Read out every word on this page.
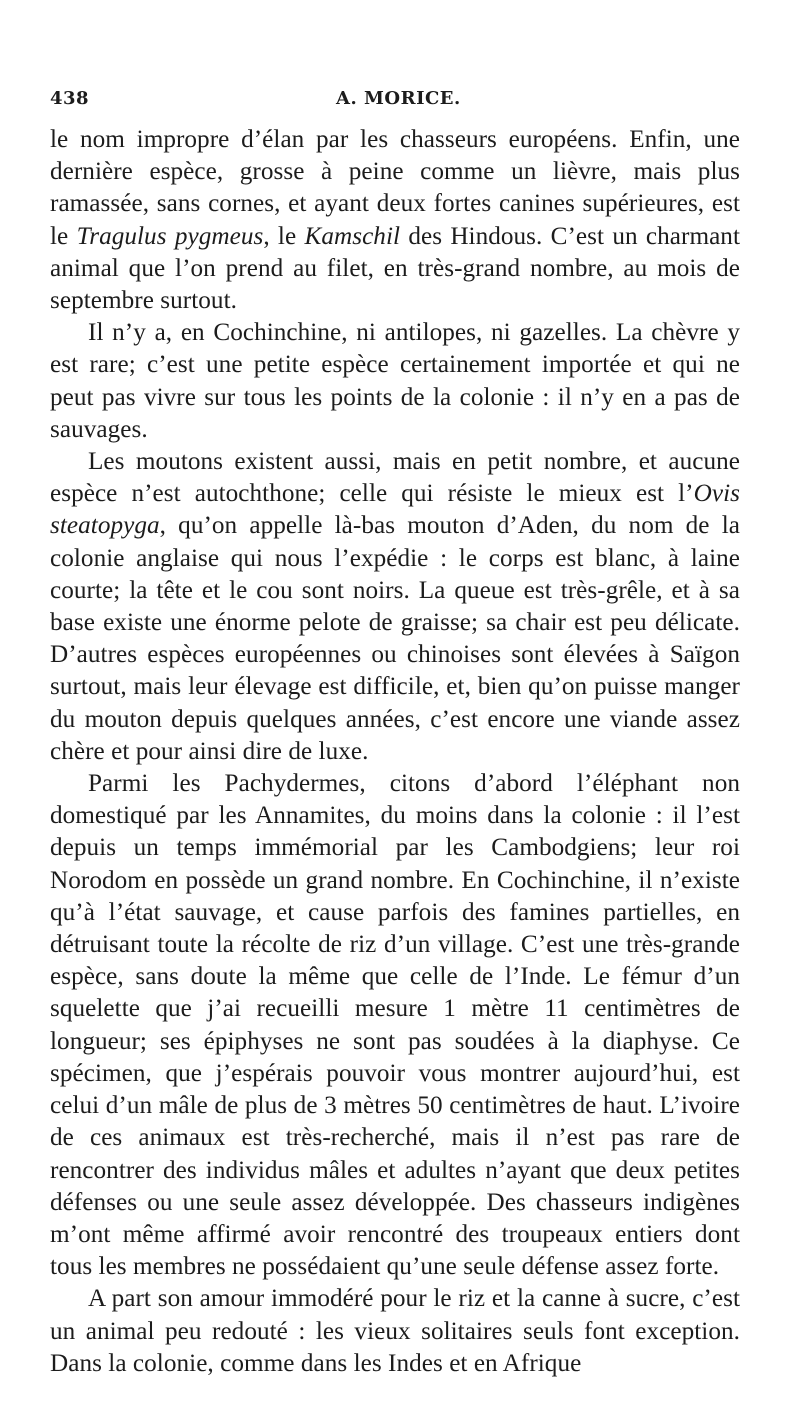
438	A. MORICE.

le nom impropre d’élan par les chasseurs européens. Enfin, une dernière espèce, grosse à peine comme un lièvre, mais plus ramassée, sans cornes, et ayant deux fortes canines supérieures, est le Tragulus pygmeus, le Kamschil des Hindous. C’est un charmant animal que l’on prend au filet, en très-grand nombre, au mois de septembre surtout.

Il n’y a, en Cochinchine, ni antilopes, ni gazelles. La chèvre y est rare; c’est une petite espèce certainement importée et qui ne peut pas vivre sur tous les points de la colonie : il n’y en a pas de sauvages.

Les moutons existent aussi, mais en petit nombre, et aucune espèce n’est autochthone; celle qui résiste le mieux est l’Ovis steatopyga, qu’on appelle là-bas mouton d’Aden, du nom de la colonie anglaise qui nous l’expédie : le corps est blanc, à laine courte; la tête et le cou sont noirs. La queue est très-grêle, et à sa base existe une énorme pelote de graisse; sa chair est peu délicate. D’autres espèces européennes ou chinoises sont élevées à Saïgon surtout, mais leur élevage est difficile, et, bien qu’on puisse manger du mouton depuis quelques années, c’est encore une viande assez chère et pour ainsi dire de luxe.

Parmi les Pachydermes, citons d’abord l’éléphant non domestiqué par les Annamites, du moins dans la colonie : il l’est depuis un temps immémorial par les Cambodgiens; leur roi Norodom en possède un grand nombre. En Cochinchine, il n’existe qu’à l’état sauvage, et cause parfois des famines partielles, en détruisant toute la récolte de riz d’un village. C’est une très-grande espèce, sans doute la même que celle de l’Inde. Le fémur d’un squelette que j’ai recueilli mesure 1 mètre 11 centimètres de longueur; ses épiphyses ne sont pas soudées à la diaphyse. Ce spécimen, que j’espérais pouvoir vous montrer aujourd’hui, est celui d’un mâle de plus de 3 mètres 50 centimètres de haut. L’ivoire de ces animaux est très-recherché, mais il n’est pas rare de rencontrer des individus mâles et adultes n’ayant que deux petites défenses ou une seule assez développée. Des chasseurs indigènes m’ont même affirmé avoir rencontré des troupeaux entiers dont tous les membres ne possédaient qu’une seule défense assez forte.

A part son amour immodéré pour le riz et la canne à sucre, c’est un animal peu redouté : les vieux solitaires seuls font exception. Dans la colonie, comme dans les Indes et en Afrique
